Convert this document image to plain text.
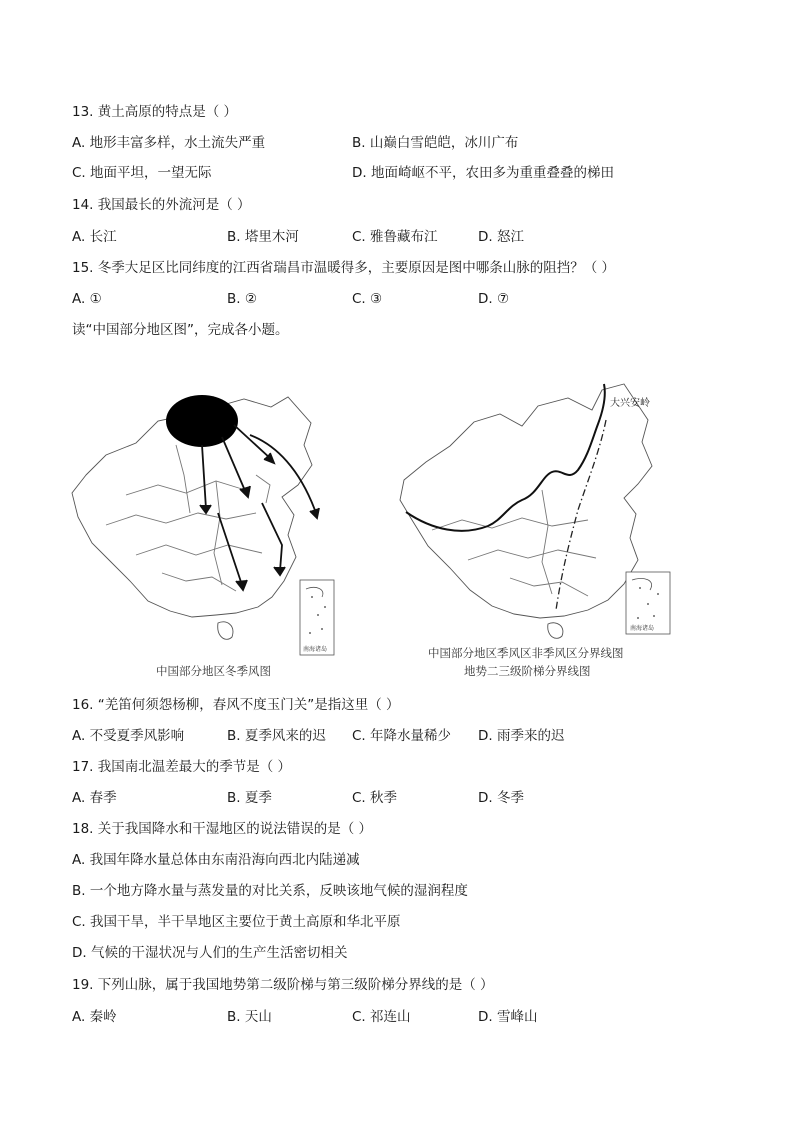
13. 黄土高原的特点是（ ）
A. 地形丰富多样，水土流失严重	B. 山巅白雪皑皑，冰川广布
C. 地面平坦，一望无际	D. 地面崎岖不平，农田多为重重叠叠的梯田
14. 我国最长的外流河是（ ）
A. 长江	B. 塔里木河	C. 雅鲁藏布江	D. 怒江
15. 冬季大足区比同纬度的江西省瑞昌市温暖得多，主要原因是图中哪条山脉的阻挡？（ ）
A. ①	B. ②	C. ③	D. ⑦
读“中国部分地区图”，完成各小题。
南海诸岛
中国部分地区冬季风图
大兴安岭
南海诸岛
中国部分地区季风区非季风区分界线图
地势二三级阶梯分界线图
16. “羌笛何须怨杨柳，春风不度玉门关”是指这里（ ）
A. 不受夏季风影响	B. 夏季风来的迟 C. 年降水量稀少 D. 雨季来的迟
17. 我国南北温差最大的季节是（ ）
A. 春季	B. 夏季	C. 秋季	D. 冬季
18. 关于我国降水和干湿地区的说法错误的是（ ）
A. 我国年降水量总体由东南沿海向西北内陆递减
B. 一个地方降水量与蒸发量的对比关系，反映该地气候的湿润程度
C. 我国干旱，半干旱地区主要位于黄土高原和华北平原
D. 气候的干湿状况与人们的生产生活密切相关
19. 下列山脉，属于我国地势第二级阶梯与第三级阶梯分界线的是（ ）
A. 秦岭	B. 天山	C. 祁连山	D. 雪峰山
